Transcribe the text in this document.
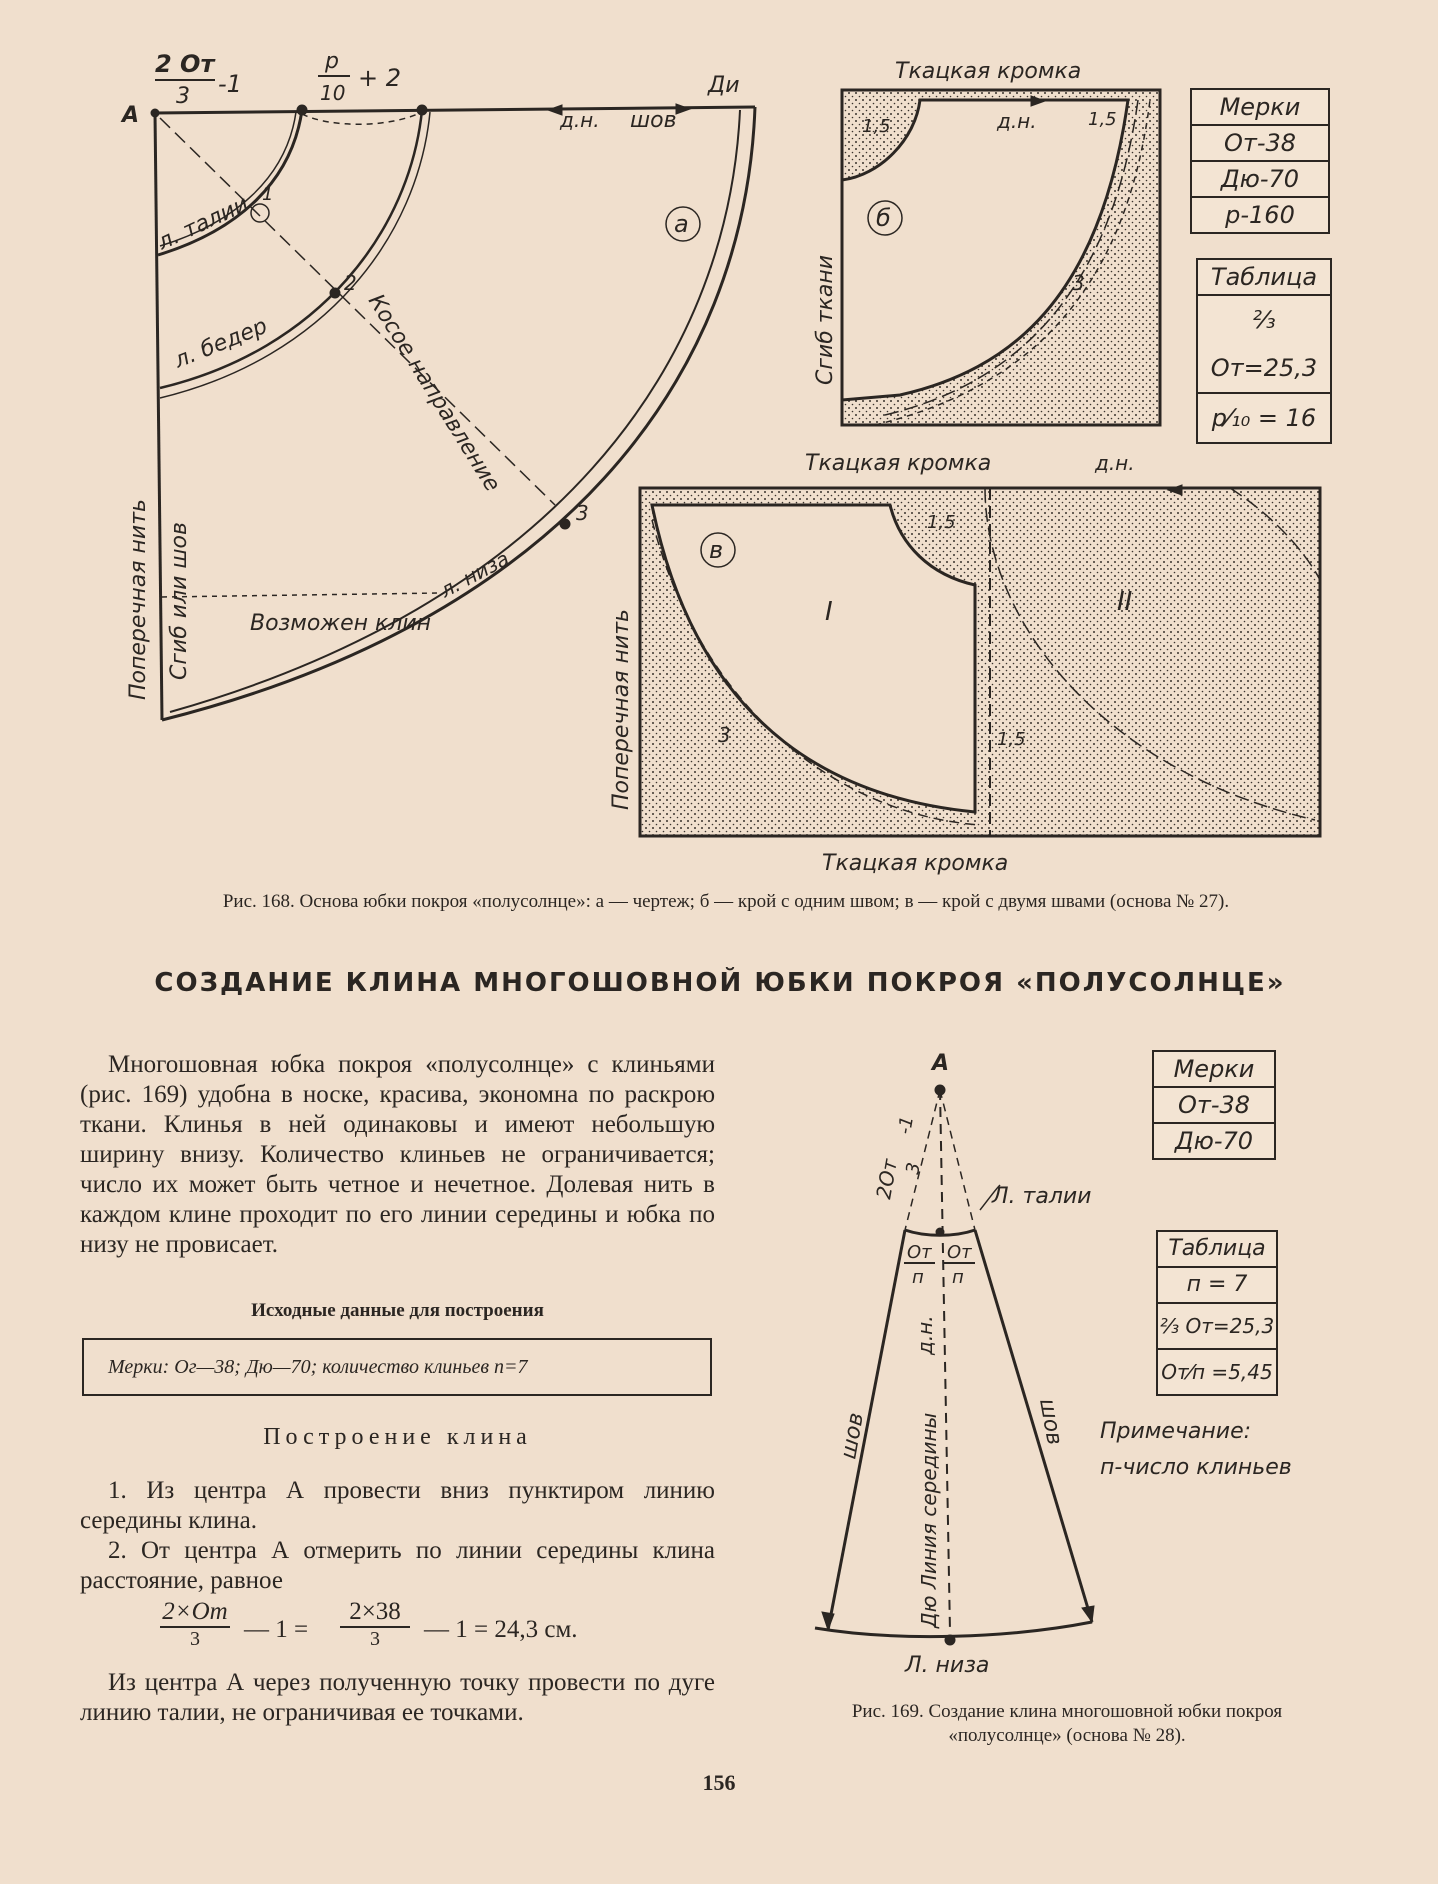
2 От
3 -1
р
10
+ 2
А
Ди
д.н. шов
а
л. талии
л. бедер	Косое направление
л. низа
Поперечная нить Сгиб или шов	Возможен клин
1
2
3
Ткацкая кромка
Сгиб ткани
д.н.
1,5	1,5
б
3
Ткацкая кромка	д.н.
Ткацкая кромка
Поперечная нить
в
I	II
1,5
1,5
3
Мерки
От-38
Дю-70
р-160
Таблица
²⁄₃ От=25,3
р⁄₁₀ = 16
Рис. 168. Основа юбки покроя «полусолнце»: а — чертеж; б — крой с одним швом; в — крой с двумя швами (основа № 27).
СОЗДАНИЕ КЛИНА МНОГОШОВНОЙ ЮБКИ ПОКРОЯ «ПОЛУСОЛНЦЕ»
Многошовная юбка покроя «полусолнце» с клиньями (рис. 169) удобна в носке, красива, экономна по раскрою ткани. Клинья в ней одинаковы и имеют небольшую ширину внизу. Количество клиньев не ограничивается; число их может быть четное и нечетное. Долевая нить в каждом клине проходит по его линии середины и юбка по низу не провисает.
Исходные данные для построения
Мерки: Ог—38; Дю—70; количество клиньев n=7
Построение клина
1. Из центра А провести вниз пунктиром линию середины клина.
2. От центра А отмерить по линии середины клина расстояние, равное
2×От
3	— 1 =
2×38
3	— 1 = 24,3 см.
Из центра А через полученную точку провести по дуге линию талии, не ограничивая ее точками.
А
2От 3
-1
Л. талии
От
п
От
п
д.н.
шов	шов
Дю Линия середины
Л. низа
Мерки
От-38
Дю-70
Таблица
п = 7
²⁄₃ От=25,3
От⁄п =5,45
Примечание:
п-число клиньев
Рис. 169. Создание клина многошовной юбки покроя «полусолнце» (основа № 28).
156
